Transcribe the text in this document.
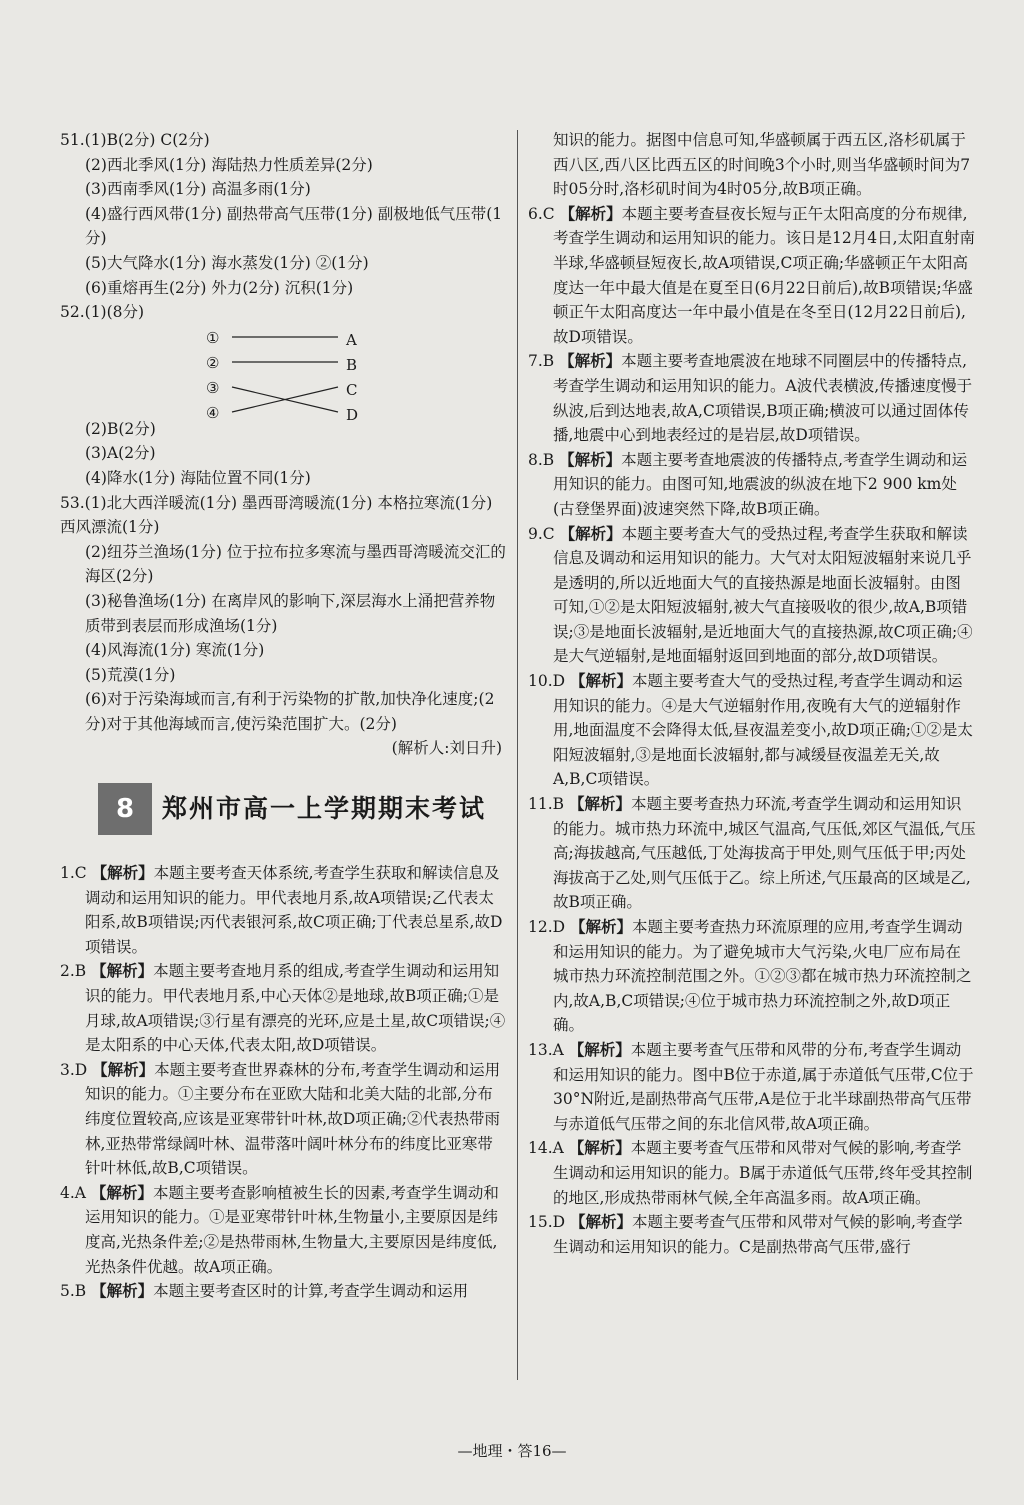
51.(1)B(2分) C(2分)

(2)西北季风(1分) 海陆热力性质差异(2分)

(3)西南季风(1分) 高温多雨(1分)

(4)盛行西风带(1分) 副热带高气压带(1分) 副极地低气压带(1分)

(5)大气降水(1分) 海水蒸发(1分) ②(1分)

(6)重熔再生(2分) 外力(2分) 沉积(1分)

52.(1)(8分)

①
②
③
④
A
B
C
D

(2)B(2分)

(3)A(2分)

(4)降水(1分) 海陆位置不同(1分)

53.(1)北大西洋暖流(1分) 墨西哥湾暖流(1分) 本格拉寒流(1分) 西风漂流(1分)

(2)纽芬兰渔场(1分) 位于拉布拉多寒流与墨西哥湾暖流交汇的海区(2分)

(3)秘鲁渔场(1分) 在离岸风的影响下,深层海水上涌把营养物质带到表层而形成渔场(1分)

(4)风海流(1分) 寒流(1分)

(5)荒漠(1分)

(6)对于污染海域而言,有利于污染物的扩散,加快净化速度;(2分)对于其他海域而言,使污染范围扩大。(2分)

(解析人:刘日升)

8	郑州市高一上学期期末考试

1.C 【解析】本题主要考查天体系统,考查学生获取和解读信息及调动和运用知识的能力。甲代表地月系,故A项错误;乙代表太阳系,故B项错误;丙代表银河系,故C项正确;丁代表总星系,故D项错误。

2.B 【解析】本题主要考查地月系的组成,考查学生调动和运用知识的能力。甲代表地月系,中心天体②是地球,故B项正确;①是月球,故A项错误;③行星有漂亮的光环,应是土星,故C项错误;④是太阳系的中心天体,代表太阳,故D项错误。

3.D 【解析】本题主要考查世界森林的分布,考查学生调动和运用知识的能力。①主要分布在亚欧大陆和北美大陆的北部,分布纬度位置较高,应该是亚寒带针叶林,故D项正确;②代表热带雨林,亚热带常绿阔叶林、温带落叶阔叶林分布的纬度比亚寒带针叶林低,故B,C项错误。

4.A 【解析】本题主要考查影响植被生长的因素,考查学生调动和运用知识的能力。①是亚寒带针叶林,生物量小,主要原因是纬度高,光热条件差;②是热带雨林,生物量大,主要原因是纬度低,光热条件优越。故A项正确。

5.B 【解析】本题主要考查区时的计算,考查学生调动和运用

知识的能力。据图中信息可知,华盛顿属于西五区,洛杉矶属于西八区,西八区比西五区的时间晚3个小时,则当华盛顿时间为7时05分时,洛杉矶时间为4时05分,故B项正确。

6.C 【解析】本题主要考查昼夜长短与正午太阳高度的分布规律,考查学生调动和运用知识的能力。该日是12月4日,太阳直射南半球,华盛顿昼短夜长,故A项错误,C项正确;华盛顿正午太阳高度达一年中最大值是在夏至日(6月22日前后),故B项错误;华盛顿正午太阳高度达一年中最小值是在冬至日(12月22日前后),故D项错误。

7.B 【解析】本题主要考查地震波在地球不同圈层中的传播特点,考查学生调动和运用知识的能力。A波代表横波,传播速度慢于纵波,后到达地表,故A,C项错误,B项正确;横波可以通过固体传播,地震中心到地表经过的是岩层,故D项错误。

8.B 【解析】本题主要考查地震波的传播特点,考查学生调动和运用知识的能力。由图可知,地震波的纵波在地下2 900 km处(古登堡界面)波速突然下降,故B项正确。

9.C 【解析】本题主要考查大气的受热过程,考查学生获取和解读信息及调动和运用知识的能力。大气对太阳短波辐射来说几乎是透明的,所以近地面大气的直接热源是地面长波辐射。由图可知,①②是太阳短波辐射,被大气直接吸收的很少,故A,B项错误;③是地面长波辐射,是近地面大气的直接热源,故C项正确;④是大气逆辐射,是地面辐射返回到地面的部分,故D项错误。

10.D 【解析】本题主要考查大气的受热过程,考查学生调动和运用知识的能力。④是大气逆辐射作用,夜晚有大气的逆辐射作用,地面温度不会降得太低,昼夜温差变小,故D项正确;①②是太阳短波辐射,③是地面长波辐射,都与减缓昼夜温差无关,故A,B,C项错误。

11.B 【解析】本题主要考查热力环流,考查学生调动和运用知识的能力。城市热力环流中,城区气温高,气压低,郊区气温低,气压高;海拔越高,气压越低,丁处海拔高于甲处,则气压低于甲;丙处海拔高于乙处,则气压低于乙。综上所述,气压最高的区域是乙,故B项正确。

12.D 【解析】本题主要考查热力环流原理的应用,考查学生调动和运用知识的能力。为了避免城市大气污染,火电厂应布局在城市热力环流控制范围之外。①②③都在城市热力环流控制之内,故A,B,C项错误;④位于城市热力环流控制之外,故D项正确。

13.A 【解析】本题主要考查气压带和风带的分布,考查学生调动和运用知识的能力。图中B位于赤道,属于赤道低气压带,C位于30°N附近,是副热带高气压带,A是位于北半球副热带高气压带与赤道低气压带之间的东北信风带,故A项正确。

14.A 【解析】本题主要考查气压带和风带对气候的影响,考查学生调动和运用知识的能力。B属于赤道低气压带,终年受其控制的地区,形成热带雨林气候,全年高温多雨。故A项正确。

15.D 【解析】本题主要考查气压带和风带对气候的影响,考查学生调动和运用知识的能力。C是副热带高气压带,盛行

—地理・答16—
